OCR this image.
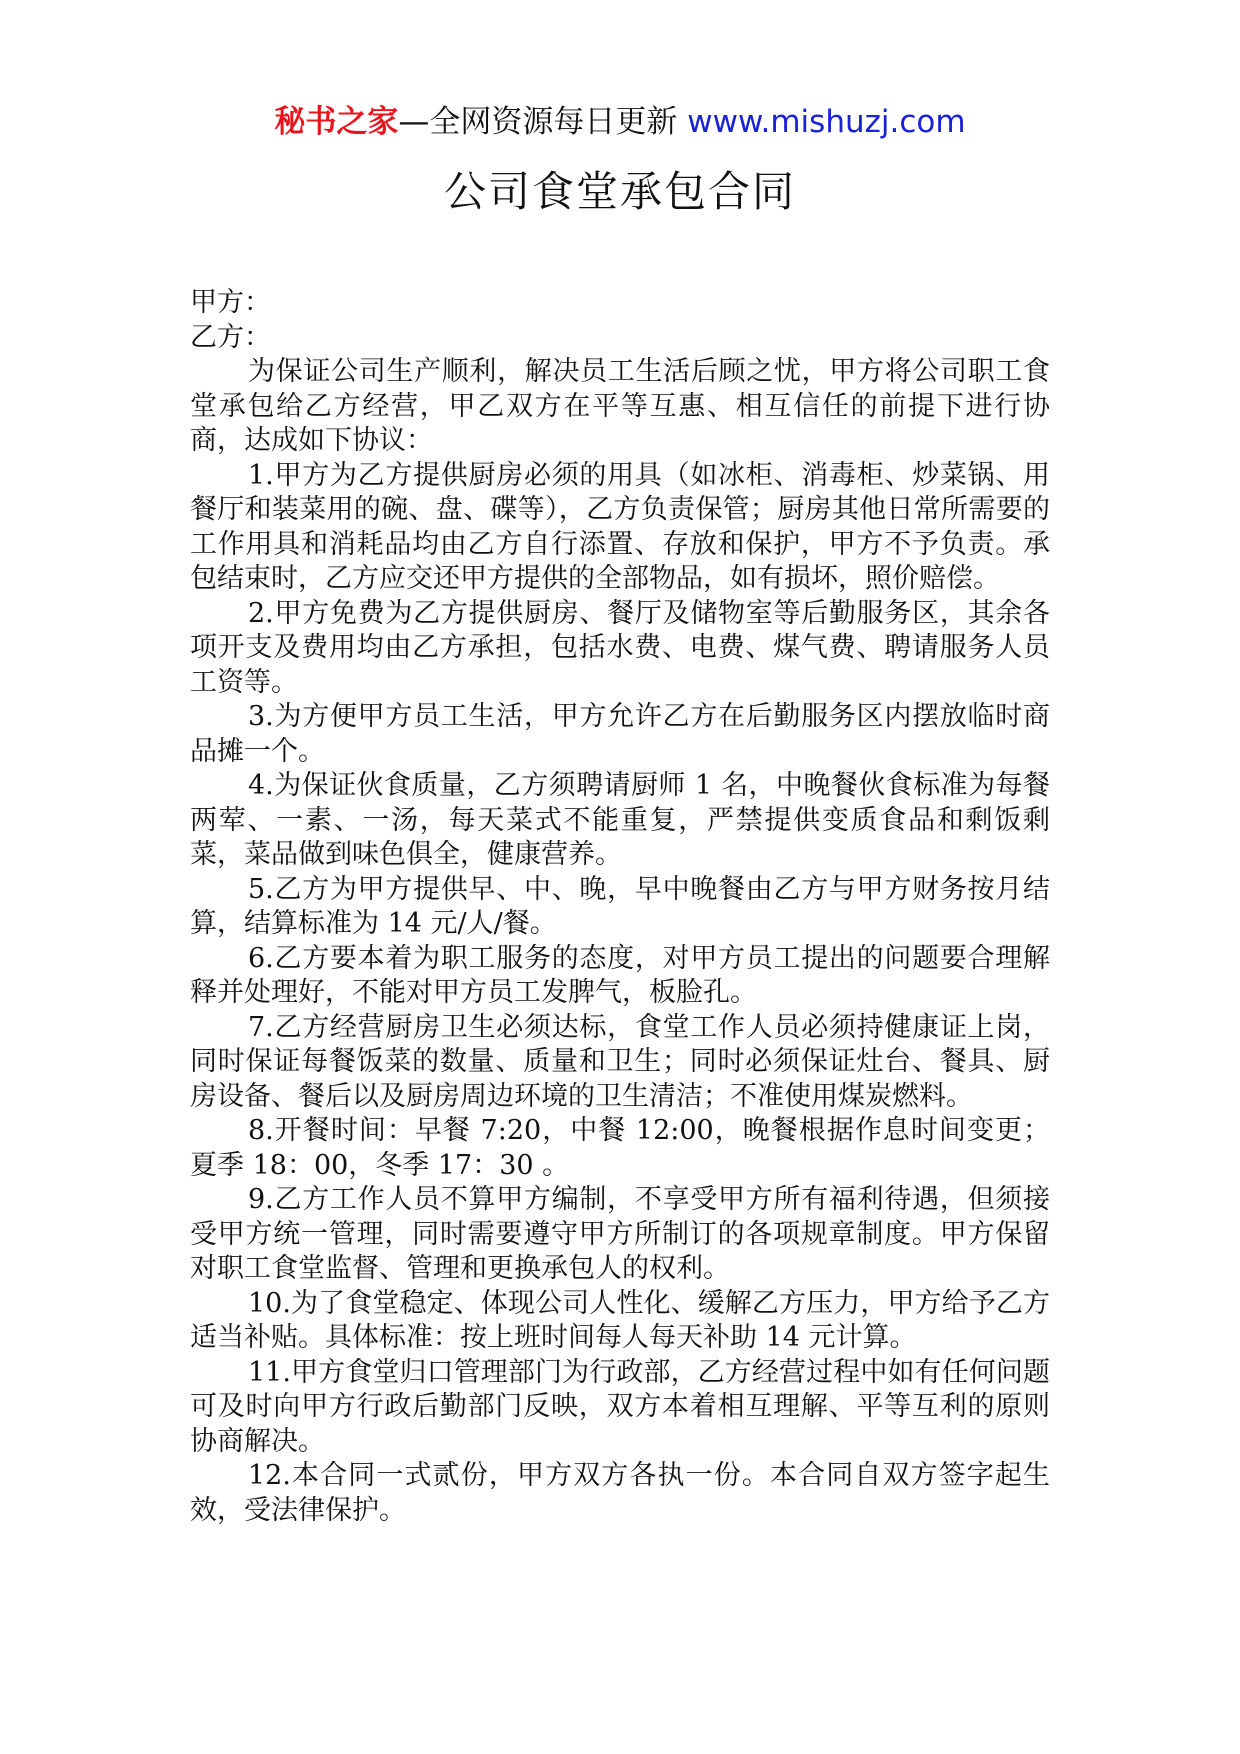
秘书之家—全网资源每日更新 www.mishuzj.com
公司食堂承包合同

甲方：

乙方：

为保证公司生产顺利，解决员工生活后顾之忧，甲方将公司职工食堂承包给乙方经营，甲乙双方在平等互惠、相互信任的前提下进行协商，达成如下协议：

1.甲方为乙方提供厨房必须的用具（如冰柜、消毒柜、炒菜锅、用餐厅和装菜用的碗、盘、碟等），乙方负责保管；厨房其他日常所需要的工作用具和消耗品均由乙方自行添置、存放和保护，甲方不予负责。承包结束时，乙方应交还甲方提供的全部物品，如有损坏，照价赔偿。

2.甲方免费为乙方提供厨房、餐厅及储物室等后勤服务区，其余各项开支及费用均由乙方承担，包括水费、电费、煤气费、聘请服务人员工资等。

3.为方便甲方员工生活，甲方允许乙方在后勤服务区内摆放临时商品摊一个。

4.为保证伙食质量，乙方须聘请厨师 1 名，中晚餐伙食标准为每餐两荤、一素、一汤，每天菜式不能重复，严禁提供变质食品和剩饭剩菜，菜品做到味色俱全，健康营养。

5.乙方为甲方提供早、中、晚，早中晚餐由乙方与甲方财务按月结算，结算标准为 14 元/人/餐。

6.乙方要本着为职工服务的态度，对甲方员工提出的问题要合理解释并处理好，不能对甲方员工发脾气，板脸孔。

7.乙方经营厨房卫生必须达标，食堂工作人员必须持健康证上岗，同时保证每餐饭菜的数量、质量和卫生；同时必须保证灶台、餐具、厨房设备、餐后以及厨房周边环境的卫生清洁；不准使用煤炭燃料。

8.开餐时间：早餐 7:20，中餐 12:00，晚餐根据作息时间变更；夏季 18：00，冬季 17：30 。

9.乙方工作人员不算甲方编制，不享受甲方所有福利待遇，但须接受甲方统一管理，同时需要遵守甲方所制订的各项规章制度。甲方保留对职工食堂监督、管理和更换承包人的权利。

10.为了食堂稳定、体现公司人性化、缓解乙方压力，甲方给予乙方适当补贴。具体标准：按上班时间每人每天补助 14 元计算。

11.甲方食堂归口管理部门为行政部，乙方经营过程中如有任何问题可及时向甲方行政后勤部门反映，双方本着相互理解、平等互利的原则协商解决。

12.本合同一式贰份，甲方双方各执一份。本合同自双方签字起生效，受法律保护。
